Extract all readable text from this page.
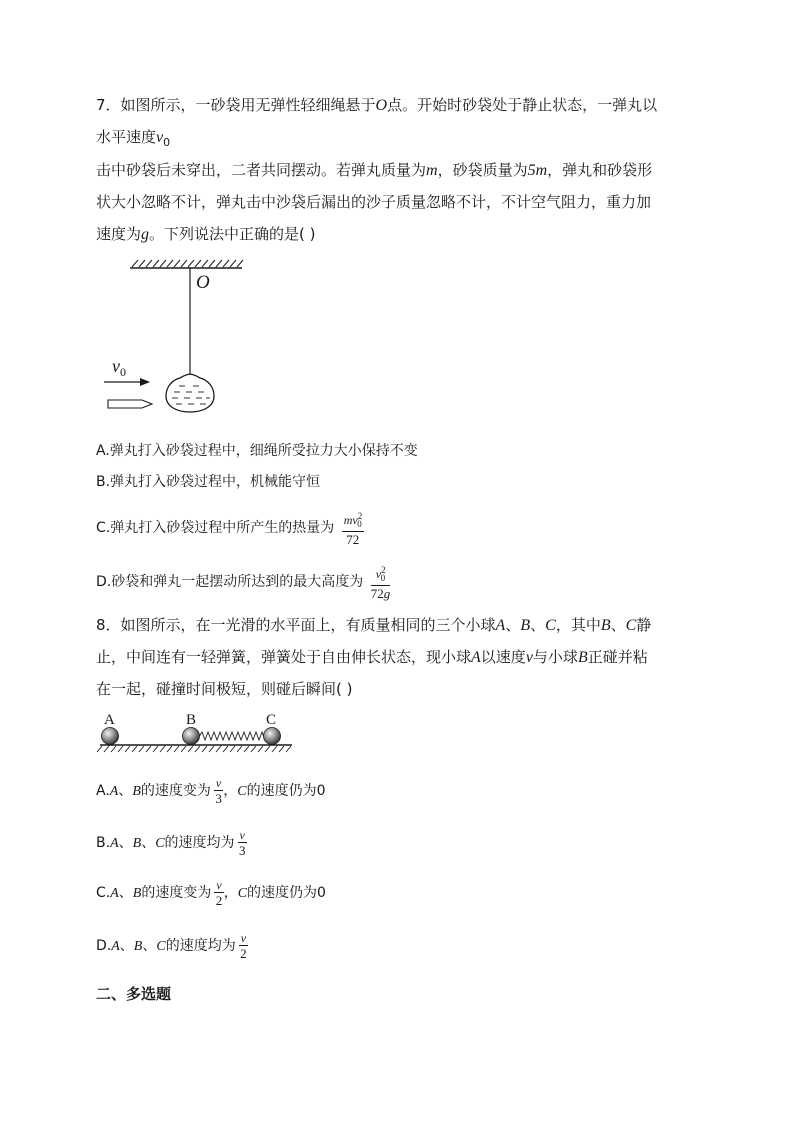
7．如图所示，一砂袋用无弹性轻细绳悬于O点。开始时砂袋处于静止状态，一弹丸以
水平速度$v_0$
击中砂袋后未穿出，二者共同摆动。若弹丸质量为m，砂袋质量为5m，弹丸和砂袋形
状大小忽略不计，弹丸击中沙袋后漏出的沙子质量忽略不计，不计空气阻力，重力加
速度为g。下列说法中正确的是( )
O
$v_0$
A.弹丸打入砂袋过程中，细绳所受拉力大小保持不变
B.弹丸打入砂袋过程中，机械能守恒
C.弹丸打入砂袋过程中所产生的热量为 $\frac{mv^2_0}{72}$
D.砂袋和弹丸一起摆动所达到的最大高度为 $\frac{v^2_0}{72g}$
8．如图所示，在一光滑的水平面上，有质量相同的三个小球A、B、C，其中B、C静
止，中间连有一轻弹簧，弹簧处于自由伸长状态，现小球A以速度v与小球B正碰并粘
在一起，碰撞时间极短，则碰后瞬间( )
A	B	C
A.A、B的速度变为 $\frac{v}{3}$ ，C的速度仍为0
B.A、B、C的速度均为 $\frac{v}{3}$
C.A、B的速度变为 $\frac{v}{2}$ ，C的速度仍为0
D.A、B、C的速度均为 $\frac{v}{2}$
二、多选题
